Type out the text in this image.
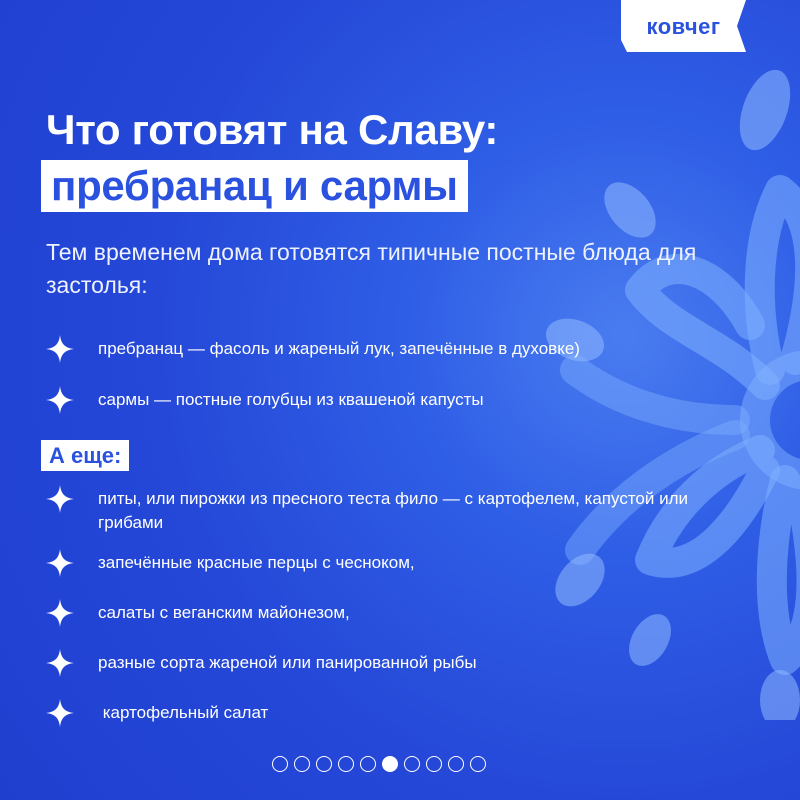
ковчег
Что готовят на Славу:
пребранац и сармы
Тем временем дома готовятся типичные постные блюда для застолья:
пребранац — фасоль и жареный лук, запечённые в духовке)
сармы — постные голубцы из квашеной капусты
А еще:
питы, или пирожки из пресного теста фило — с картофелем, капустой или грибами
запечённые красные перцы с чесноком,
салаты с веганским майонезом,
разные сорта жареной или панированной рыбы
картофельный салат
